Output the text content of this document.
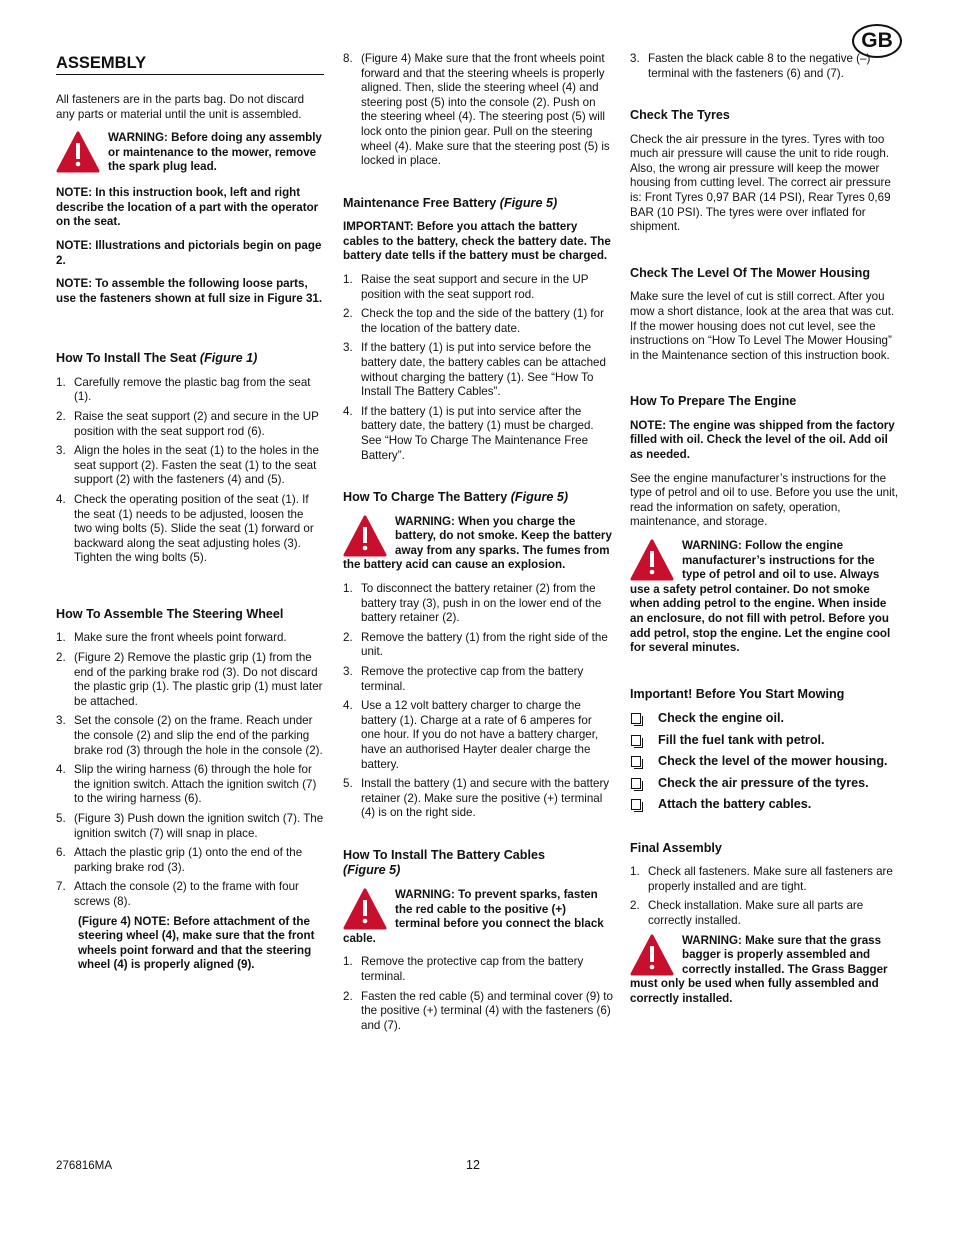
GB
ASSEMBLY

All fasteners are in the parts bag. Do not discard any parts or material until the unit is assembled.

WARNING: Before doing any assembly or maintenance to the mower, remove the spark plug lead.

NOTE: In this instruction book, left and right describe the location of a part with the operator on the seat.

NOTE: Illustrations and pictorials begin on page 2.

NOTE: To assemble the following loose parts, use the fasteners shown at full size in Figure 31.

How To Install The Seat (Figure 1)
1. Carefully remove the plastic bag from the seat (1).
2. Raise the seat support (2) and secure in the UP position with the seat support rod (6).
3. Align the holes in the seat (1) to the holes in the seat support (2). Fasten the seat (1) to the seat support (2) with the fasteners (4) and (5).
4. Check the operating position of the seat (1). If the seat (1) needs to be adjusted, loosen the two wing bolts (5). Slide the seat (1) forward or backward along the seat adjusting holes (3). Tighten the wing bolts (5).
How To Assemble The Steering Wheel
1. Make sure the front wheels point forward.
2. (Figure 2) Remove the plastic grip (1) from the end of the parking brake rod (3). Do not discard the plastic grip (1). The plastic grip (1) must later be attached.
3. Set the console (2) on the frame. Reach under the console (2) and slip the end of the parking brake rod (3) through the hole in the console (2).
4. Slip the wiring harness (6) through the hole for the ignition switch. Attach the ignition switch (7) to the wiring harness (6).
5. (Figure 3) Push down the ignition switch (7). The ignition switch (7) will snap in place.
6. Attach the plastic grip (1) onto the end of the parking brake rod (3).
7. Attach the console (2) to the frame with four screws (8).

(Figure 4) NOTE: Before attachment of the steering wheel (4), make sure that the front wheels point forward and that the steering wheel (4) is properly aligned (9).

8. (Figure 4) Make sure that the front wheels point forward and that the steering wheels is properly aligned. Then, slide the steering wheel (4) and steering post (5) into the console (2). Push on the steering wheel (4). The steering post (5) will lock onto the pinion gear. Pull on the steering wheel (4). Make sure that the steering post (5) is locked in place.
Maintenance Free Battery (Figure 5)

IMPORTANT: Before you attach the battery cables to the battery, check the battery date. The battery date tells if the battery must be charged.

1. Raise the seat support and secure in the UP position with the seat support rod.
2. Check the top and the side of the battery (1) for the location of the battery date.
3. If the battery (1) is put into service before the battery date, the battery cables can be attached without charging the battery (1). See “How To Install The Battery Cables”.
4. If the battery (1) is put into service after the battery date, the battery (1) must be charged. See “How To Charge The Maintenance Free Battery”.
How To Charge The Battery (Figure 5)
WARNING: When you charge the battery, do not smoke. Keep the battery away from any sparks. The fumes from the battery acid can cause an explosion.
1. To disconnect the battery retainer (2) from the battery tray (3), push in on the lower end of the battery retainer (2).
2. Remove the battery (1) from the right side of the unit.
3. Remove the protective cap from the battery terminal.
4. Use a 12 volt battery charger to charge the battery (1). Charge at a rate of 6 amperes for one hour. If you do not have a battery charger, have an authorised Hayter dealer charge the battery.
5. Install the battery (1) and secure with the battery retainer (2). Make sure the positive (+) terminal (4) is on the right side.
How To Install The Battery Cables
(Figure 5)
WARNING: To prevent sparks, fasten the red cable to the positive (+) terminal before you connect the black cable.
1. Remove the protective cap from the battery terminal.
2. Fasten the red cable (5) and terminal cover (9) to the positive (+) terminal (4) with the fasteners (6) and (7).
3. Fasten the black cable 8 to the negative (–) terminal with the fasteners (6) and (7).
Check The Tyres

Check the air pressure in the tyres. Tyres with too much air pressure will cause the unit to ride rough. Also, the wrong air pressure will keep the mower housing from cutting level. The correct air pressure is: Front Tyres 0,97 BAR (14 PSI), Rear Tyres 0,69 BAR (10 PSI). The tyres were over inflated for shipment.

Check The Level Of The Mower Housing

Make sure the level of cut is still correct. After you mow a short distance, look at the area that was cut. If the mower housing does not cut level, see the instructions on “How To Level The Mower Housing” in the Maintenance section of this instruction book.

How To Prepare The Engine

NOTE: The engine was shipped from the factory filled with oil. Check the level of the oil. Add oil as needed.

See the engine manufacturer’s instructions for the type of petrol and oil to use. Before you use the unit, read the information on safety, operation, maintenance, and storage.

WARNING: Follow the engine manufacturer’s instructions for the type of petrol and oil to use. Always use a safety petrol container. Do not smoke when adding petrol to the engine. When inside an enclosure, do not fill with petrol. Before you add petrol, stop the engine. Let the engine cool for several minutes.
Important! Before You Start Mowing
Check the engine oil.
Fill the fuel tank with petrol.
Check the level of the mower housing.
Check the air pressure of the tyres.
Attach the battery cables.
Final Assembly
1. Check all fasteners. Make sure all fasteners are properly installed and are tight.
2. Check installation. Make sure all parts are correctly installed.
WARNING: Make sure that the grass bagger is properly assembled and correctly installed. The Grass Bagger must only be used when fully assembled and correctly installed.
276816MA	12
